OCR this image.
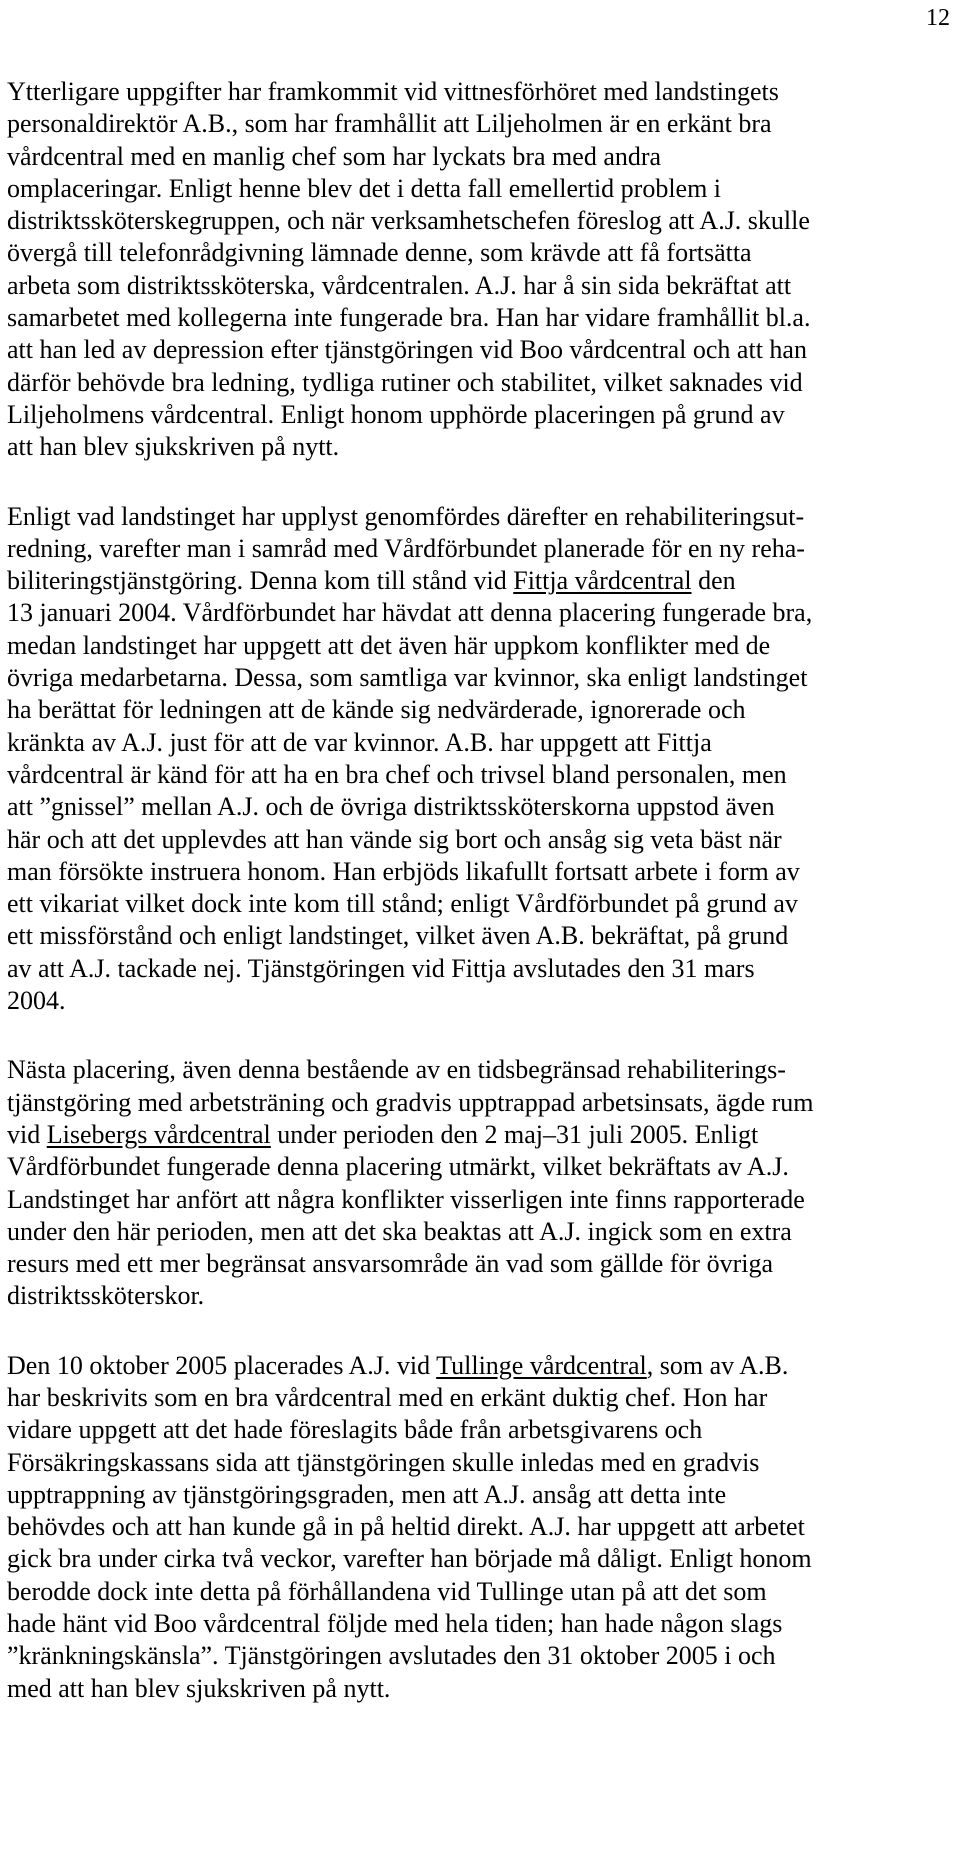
12
Ytterligare uppgifter har framkommit vid vittnesförhöret med landstingets
personaldirektör A.B., som har framhållit att Liljeholmen är en erkänt bra
vårdcentral med en manlig chef som har lyckats bra med andra
omplaceringar. Enligt henne blev det i detta fall emellertid problem i
distriktssköterskegruppen, och när verksamhetschefen föreslog att A.J. skulle
övergå till telefonrådgivning lämnade denne, som krävde att få fortsätta
arbeta som distriktssköterska, vårdcentralen. A.J. har å sin sida bekräftat att
samarbetet med kollegerna inte fungerade bra. Han har vidare framhållit bl.a.
att han led av depression efter tjänstgöringen vid Boo vårdcentral och att han
därför behövde bra ledning, tydliga rutiner och stabilitet, vilket saknades vid
Liljeholmens vårdcentral. Enligt honom upphörde placeringen på grund av
att han blev sjukskriven på nytt.
Enligt vad landstinget har upplyst genomfördes därefter en rehabiliteringsut-
redning, varefter man i samråd med Vårdförbundet planerade för en ny reha-
biliteringstjänstgöring. Denna kom till stånd vid Fittja vårdcentral den
13 januari 2004. Vårdförbundet har hävdat att denna placering fungerade bra,
medan landstinget har uppgett att det även här uppkom konflikter med de
övriga medarbetarna. Dessa, som samtliga var kvinnor, ska enligt landstinget
ha berättat för ledningen att de kände sig nedvärderade, ignorerade och
kränkta av A.J. just för att de var kvinnor. A.B. har uppgett att Fittja
vårdcentral är känd för att ha en bra chef och trivsel bland personalen, men
att ”gnissel” mellan A.J. och de övriga distriktssköterskorna uppstod även
här och att det upplevdes att han vände sig bort och ansåg sig veta bäst när
man försökte instruera honom. Han erbjöds likafullt fortsatt arbete i form av
ett vikariat vilket dock inte kom till stånd; enligt Vårdförbundet på grund av
ett missförstånd och enligt landstinget, vilket även A.B. bekräftat, på grund
av att A.J. tackade nej. Tjänstgöringen vid Fittja avslutades den 31 mars
2004.
Nästa placering, även denna bestående av en tidsbegränsad rehabiliterings-
tjänstgöring med arbetsträning och gradvis upptrappad arbetsinsats, ägde rum
vid Lisebergs vårdcentral under perioden den 2 maj–31 juli 2005. Enligt
Vårdförbundet fungerade denna placering utmärkt, vilket bekräftats av A.J.
Landstinget har anfört att några konflikter visserligen inte finns rapporterade
under den här perioden, men att det ska beaktas att A.J. ingick som en extra
resurs med ett mer begränsat ansvarsområde än vad som gällde för övriga
distriktssköterskor.
Den 10 oktober 2005 placerades A.J. vid Tullinge vårdcentral, som av A.B.
har beskrivits som en bra vårdcentral med en erkänt duktig chef. Hon har
vidare uppgett att det hade föreslagits både från arbetsgivarens och
Försäkringskassans sida att tjänstgöringen skulle inledas med en gradvis
upptrappning av tjänstgöringsgraden, men att A.J. ansåg att detta inte
behövdes och att han kunde gå in på heltid direkt. A.J. har uppgett att arbetet
gick bra under cirka två veckor, varefter han började må dåligt. Enligt honom
berodde dock inte detta på förhållandena vid Tullinge utan på att det som
hade hänt vid Boo vårdcentral följde med hela tiden; han hade någon slags
”kränkningskänsla”. Tjänstgöringen avslutades den 31 oktober 2005 i och
med att han blev sjukskriven på nytt.
